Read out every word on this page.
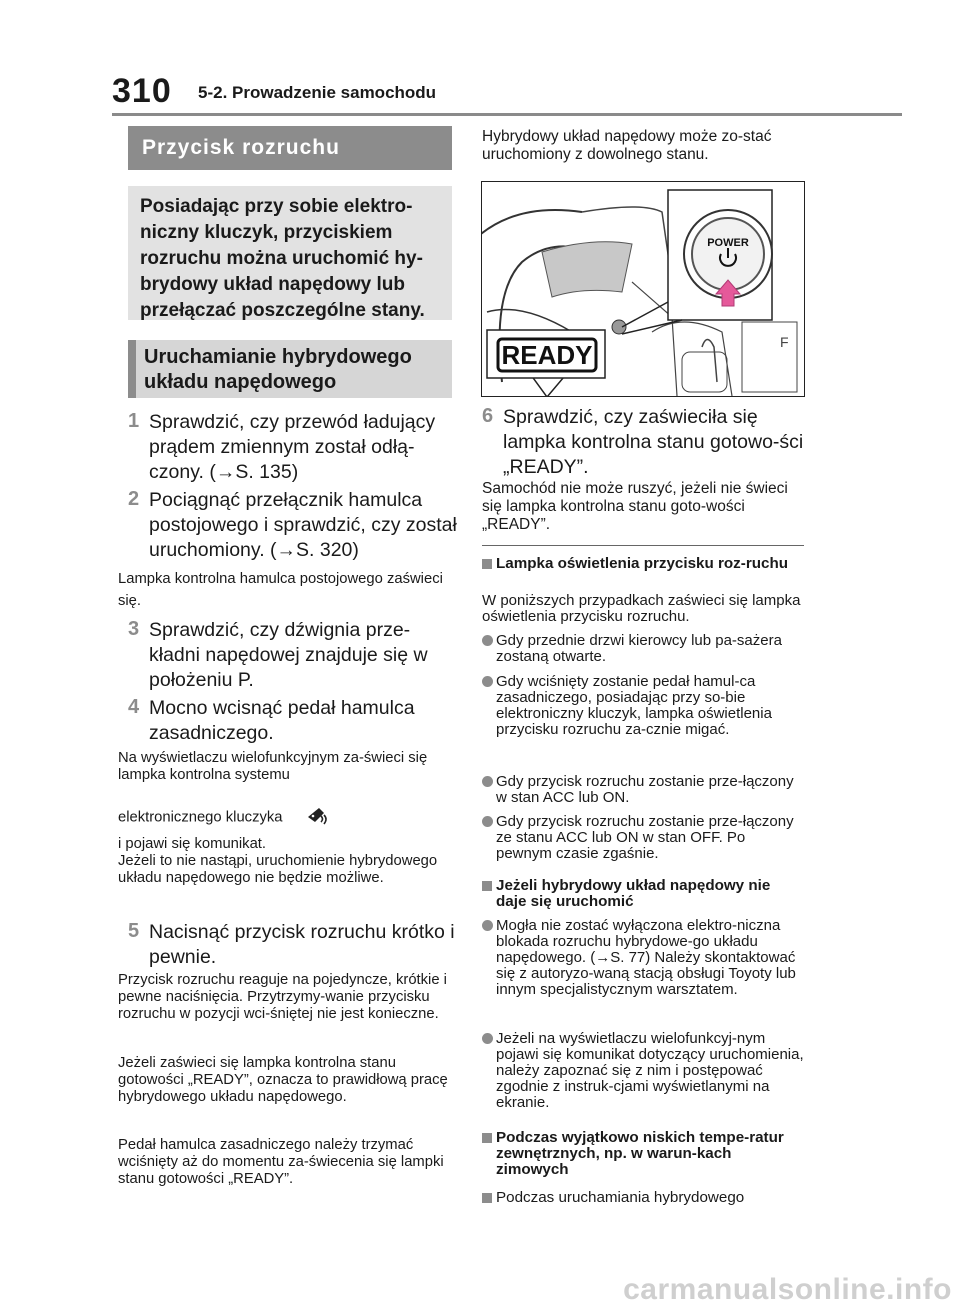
310 5-2. Prowadzenie samochodu
Przycisk rozruchu
Posiadając przy sobie elektro-niczny kluczyk, przyciskiem rozruchu można uruchomić hy-brydowy układ napędowy lub przełączać poszczególne stany.
Uruchamianie hybrydowego układu napędowego
1 Sprawdzić, czy przewód ładujący prądem zmiennym został odłą-czony. (→S. 135)
2 Pociągnąć przełącznik hamulca postojowego i sprawdzić, czy został uruchomiony. (→S. 320)
Lampka kontrolna hamulca postojowego zaświeci się.
3 Sprawdzić, czy dźwignia prze-kładni napędowej znajduje się w położeniu P.
4 Mocno wcisnąć pedał hamulca zasadniczego.
Na wyświetlaczu wielofunkcyjnym za-świeci się lampka kontrolna systemu
elektronicznego kluczyka
i pojawi się komunikat.
Jeżeli to nie nastąpi, uruchomienie hybrydowego układu napędowego nie będzie możliwe.
5 Nacisnąć przycisk rozruchu krótko i pewnie.
Przycisk rozruchu reaguje na pojedyncze, krótkie i pewne naciśnięcia. Przytrzymy-wanie przycisku rozruchu w pozycji wci-śniętej nie jest konieczne.
Jeżeli zaświeci się lampka kontrolna stanu gotowości „READY”, oznacza to prawidłową pracę hybrydowego układu napędowego.
Pedał hamulca zasadniczego należy trzymać wciśnięty aż do momentu za-świecenia się lampki stanu gotowości „READY”.
Hybrydowy układ napędowy może zo-stać uruchomiony z dowolnego stanu.
F
READY
POWER
6 Sprawdzić, czy zaświeciła się lampka kontrolna stanu gotowo-ści „READY”.
Samochód nie może ruszyć, jeżeli nie świeci się lampka kontrolna stanu goto-wości „READY”.
Lampka oświetlenia przycisku roz-ruchu
W poniższych przypadkach zaświeci się lampka oświetlenia przycisku rozruchu.
Gdy przednie drzwi kierowcy lub pa-sażera zostaną otwarte.
Gdy wciśnięty zostanie pedał hamul-ca zasadniczego, posiadając przy so-bie elektroniczny kluczyk, lampka oświetlenia przycisku rozruchu za-cznie migać.
Gdy przycisk rozruchu zostanie prze-łączony w stan ACC lub ON.
Gdy przycisk rozruchu zostanie prze-łączony ze stanu ACC lub ON w stan OFF. Po pewnym czasie zgaśnie.
Jeżeli hybrydowy układ napędowy nie daje się uruchomić
Mogła nie zostać wyłączona elektro-niczna blokada rozruchu hybrydowe-go układu napędowego. (→S. 77) Należy skontaktować się z autoryzo-waną stacją obsługi Toyoty lub innym specjalistycznym warsztatem.
Jeżeli na wyświetlaczu wielofunkcyj-nym pojawi się komunikat dotyczący uruchomienia, należy zapoznać się z nim i postępować zgodnie z instruk-cjami wyświetlanymi na ekranie.
Podczas wyjątkowo niskich tempe-ratur zewnętrznych, np. w warun-kach zimowych
Podczas uruchamiania hybrydowego
carmanualsonline.info
